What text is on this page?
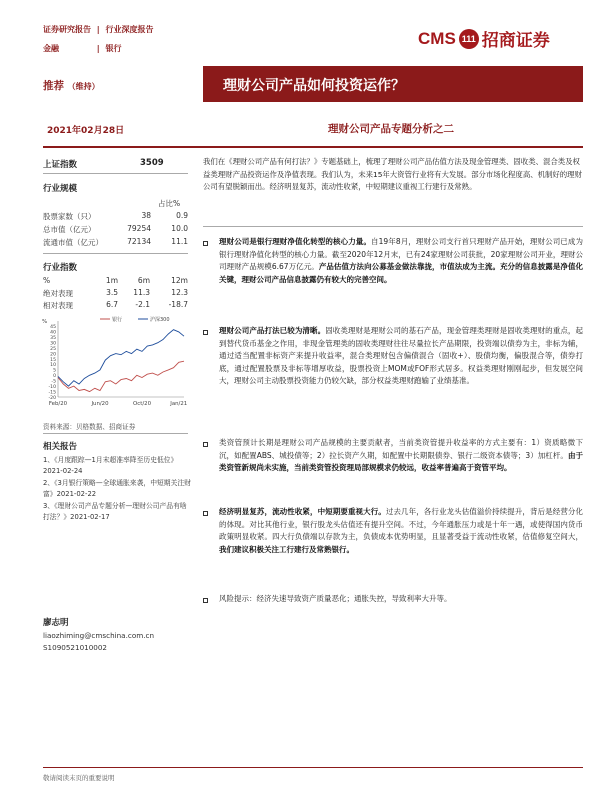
证券研究报告 | 行业深度报告
金融	| 银行
CMS 111 招商证券
推荐 （维持）	理财公司产品如何投资运作？
2021年02月28日	理财公司产品专题分析之二
上证指数	3509
行业规模
占比%
股票家数（只）	38	0.9
总市值（亿元）	79254	10.0
流通市值（亿元）	72134	11.1
行业指数
%	1m	6m	12m
绝对表现	3.5	11.3	12.3
相对表现	6.7	-2.1	-18.7
%
45
40
35
30
25
20
15
10
5
0
-5
-10
-15
-20
Feb/20	Jun/20	Oct/20	Jan/21
银行	沪深300
资料来源：贝格数据、招商证券
相关报告
1、《月度跟踪—1月末超准率降至历史低位》2021-02-24
2、《3月银行策略—全球通胀来袭，中短期关注财富》2021-02-22
3、《理财公司产品专题分析—理财公司产品有啥打法？》2021-02-17
廖志明
liaozhiming@cmschina.com.cn
S1090521010002
我们在《理财公司产品有何打法？》专题基础上，梳理了理财公司产品估值方法及现金管理类、固收类、混合类及权益类理财产品投资运作及净值表现。我们认为，未来15年大资管行业将有大发展。部分市场化程度高、机制好的理财公司有望脱颖而出。经济明显复苏，流动性收紧，中短期建议重视工行建行及常熟。
理财公司是银行理财净值化转型的核心力量。自19年8月，理财公司支行首只理财产品开始，理财公司已成为银行理财净值化转型的核心力量。截至2020年12月末，已有24家理财公司获批，20家理财公司开业，理财公司理财产品规模6.67万亿元。产品估值方法向公募基金做法靠拢，市值法成为主流。充分的信息披露是净值化关键，理财公司产品信息披露仍有较大的完善空间。
理财公司产品打法已较为清晰。固收类理财是理财公司的基石产品，现金管理类理财是固收类理财的重点，起到替代货币基金之作用，非现金管理类的固收类理财往往尽量拉长产品期限，投资端以债券为主，非标为辅，通过适当配置非标资产来提升收益率，混合类理财包含偏债混合（固收+）、股债均衡，偏股混合等，债券打底，通过配置股票及非标等增厚收益，股票投资上MOM或FOF形式居多。权益类理财刚刚起步，但发展空间大，理财公司主动股票投资能力仍较欠缺，部分权益类理财跑输了业绩基准。
类资管预计长期是理财公司产品规模的主要贡献者，当前类资管提升收益率的方式主要有：1）资质略微下沉，如配置ABS、城投债等；2）拉长资产久期，如配置中长期限债券、银行二级资本债等；3）加杠杆。由于类资管新规尚未实施，当前类资管投资理局部规模求仍较远，收益率普遍高于资管平均。
经济明显复苏，流动性收紧，中短期要重视大行。过去几年，各行业龙头估值溢价持续提升，背后是经营分化的体现。对比其他行业，银行股龙头估值还有提升空间。不过，今年通胀压力或是十年一遇，或使得国内货币政策明显收紧。四大行负债端以存款为主，负债成本优势明显，且显著受益于流动性收紧，估值修复空间大，我们建议积极关注工行建行及常熟银行。
风险提示：经济失速导致资产质量恶化；通胀失控，导致利率大升等。
敬请阅读末页的重要说明
